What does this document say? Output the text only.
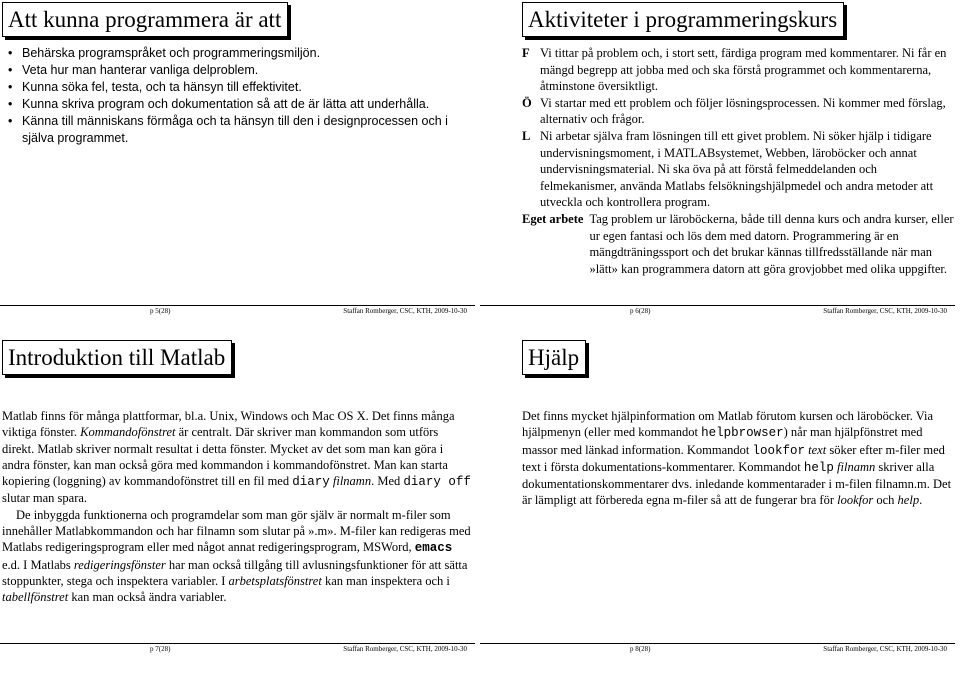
Att kunna programmera är att
• Behärska programspråket och programmeringsmiljön.
• Veta hur man hanterar vanliga delproblem.
• Kunna söka fel, testa, och ta hänsyn till effektivitet.
• Kunna skriva program och dokumentation så att de är lätta att underhålla.
• Känna till människans förmåga och ta hänsyn till den i designprocessen och i själva programmet.
p 5(28)	Staffan Romberger, CSC, KTH, 2009-10-30
Aktiviteter i programmeringskurs
F Vi tittar på problem och, i stort sett, färdiga program med kommentarer. Ni får en mängd begrepp att jobba med och ska förstå programmet och kommentarerna, åtminstone översiktligt.
Ö Vi startar med ett problem och följer lösningsprocessen. Ni kommer med förslag, alternativ och frågor.
L Ni arbetar själva fram lösningen till ett givet problem. Ni söker hjälp i tidigare undervisningsmoment, i MATLABsystemet, Webben, läroböcker och annat undervisningsmaterial. Ni ska öva på att förstå felmeddelanden och felmekanismer, använda Matlabs felsökningshjälpmedel och andra metoder att utveckla och kontrollera program.
Eget arbete Tag problem ur läroböckerna, både till denna kurs och andra kurser, eller ur egen fantasi och lös dem med datorn. Programmering är en mängdträningssport och det brukar kännas tillfredsställande när man »lätt» kan programmera datorn att göra grovjobbet med olika uppgifter.
p 6(28)	Staffan Romberger, CSC, KTH, 2009-10-30
Introduktion till Matlab

Matlab finns för många plattformar, bl.a. Unix, Windows och Mac OS X. Det finns många viktiga fönster. Kommandofönstret är centralt. Där skriver man kommandon som utförs direkt. Matlab skriver normalt resultat i detta fönster. Mycket av det som man kan göra i andra fönster, kan man också göra med kommandon i kommandofönstret. Man kan starta kopiering (loggning) av kommandofönstret till en fil med diary filnamn. Med diary off slutar man spara.

De inbyggda funktionerna och programdelar som man gör själv är normalt m-filer som innehåller Matlabkommandon och har filnamn som slutar på ».m». M-filer kan redigeras med Matlabs redigeringsprogram eller med något annat redigeringsprogram, MSWord, emacs e.d. I Matlabs redigeringsfönster har man också tillgång till avlusningsfunktioner för att sätta stoppunkter, stega och inspektera variabler. I arbetsplatsfönstret kan man inspektera och i tabellfönstret kan man också ändra variabler.

p 7(28)	Staffan Romberger, CSC, KTH, 2009-10-30
Hjälp

Det finns mycket hjälpinformation om Matlab förutom kursen och läroböcker. Via hjälpmenyn (eller med kommandot helpbrowser) når man hjälpfönstret med massor med länkad information. Kommandot lookfor text söker efter m-filer med text i första dokumentations-kommentarer. Kommandot help filnamn skriver alla dokumentationskommentarer dvs. inledande kommentarader i m-filen filnamn.m. Det är lämpligt att förbereda egna m-filer så att de fungerar bra för lookfor och help.

p 8(28)	Staffan Romberger, CSC, KTH, 2009-10-30
